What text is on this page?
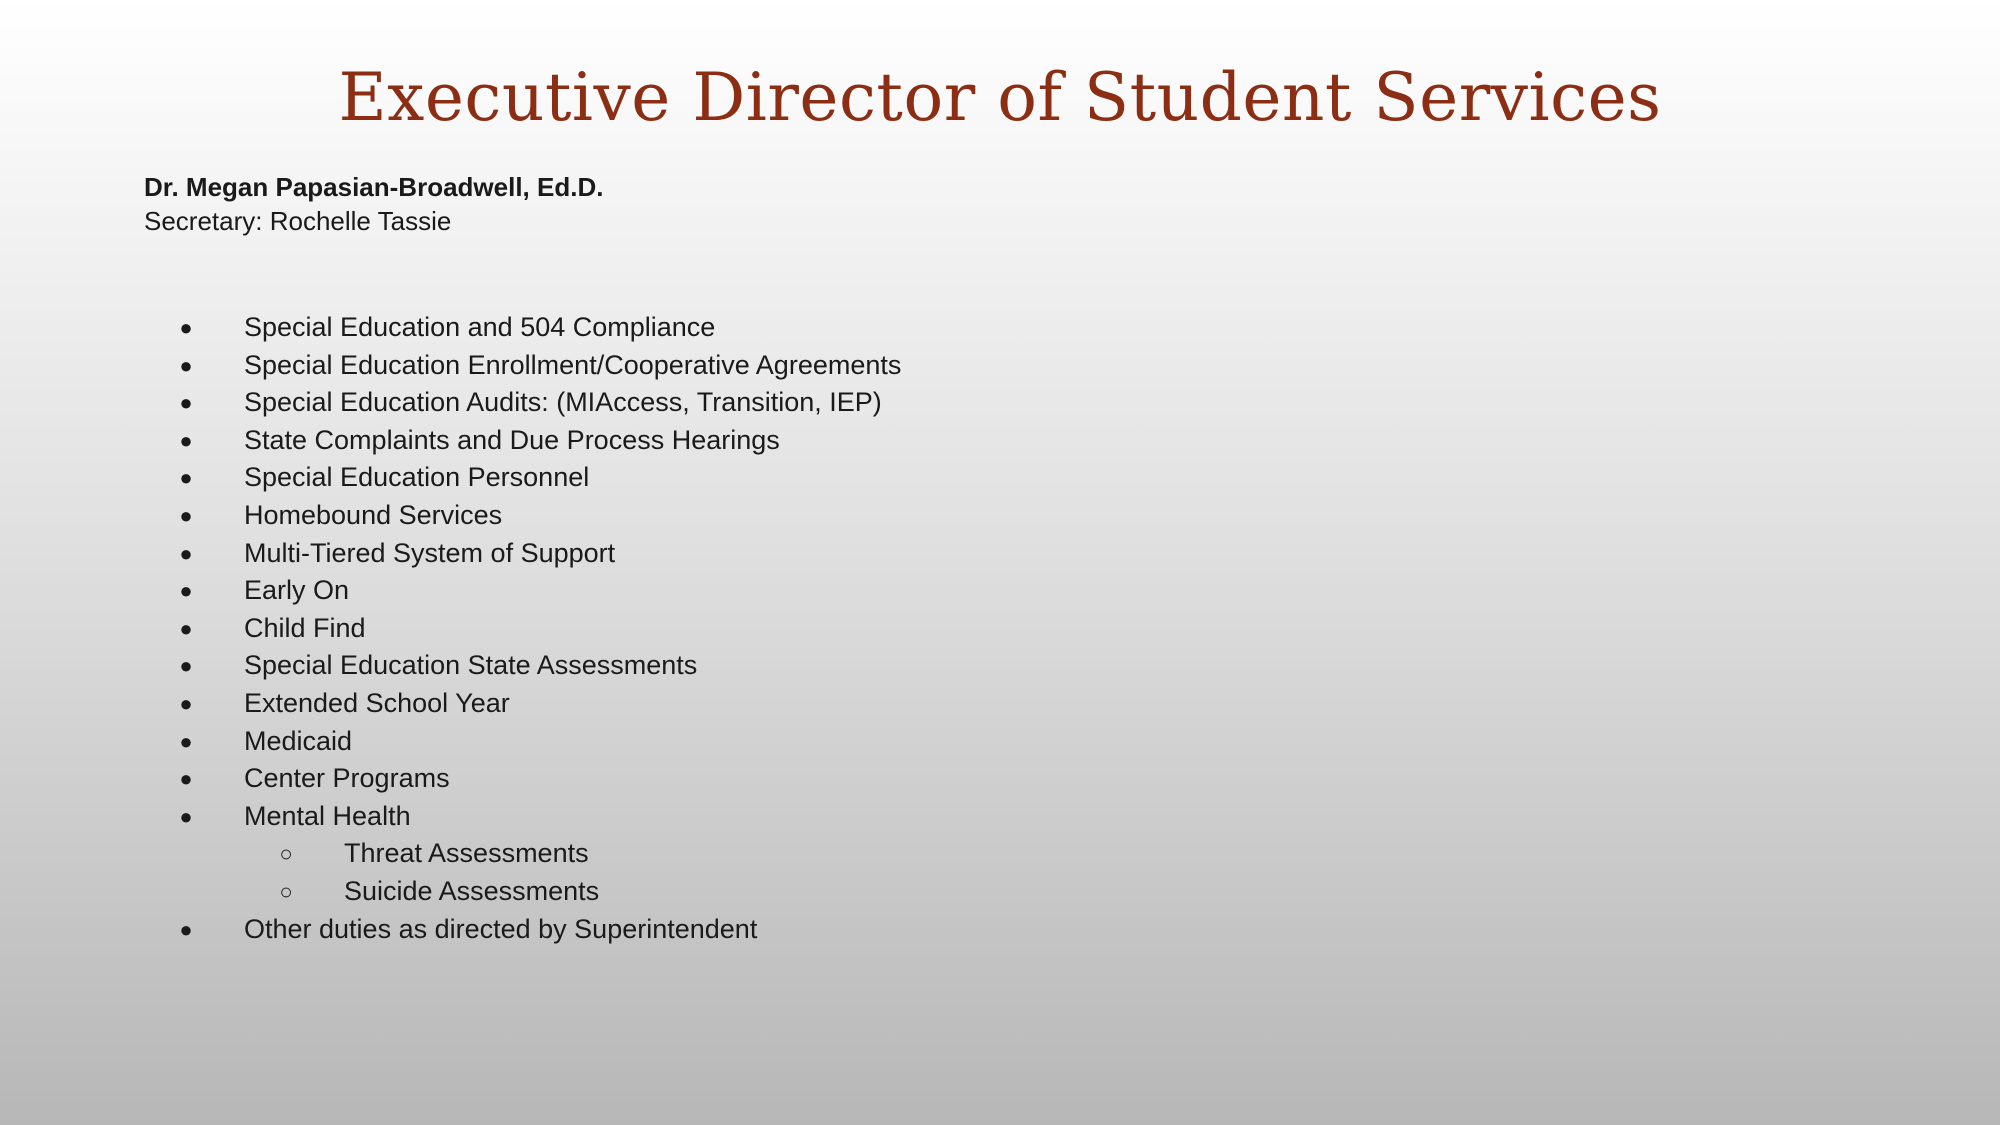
Executive Director of Student Services

Dr. Megan Papasian-Broadwell, Ed.D.

Secretary: Rochelle Tassie

● Special Education and 504 Compliance
● Special Education Enrollment/Cooperative Agreements
● Special Education Audits: (MIAccess, Transition, IEP)
● State Complaints and Due Process Hearings
● Special Education Personnel
● Homebound Services
● Multi-Tiered System of Support
● Early On
● Child Find
● Special Education State Assessments
● Extended School Year
● Medicaid
● Center Programs
● Mental Health
○ Threat Assessments
○ Suicide Assessments
● Other duties as directed by Superintendent
